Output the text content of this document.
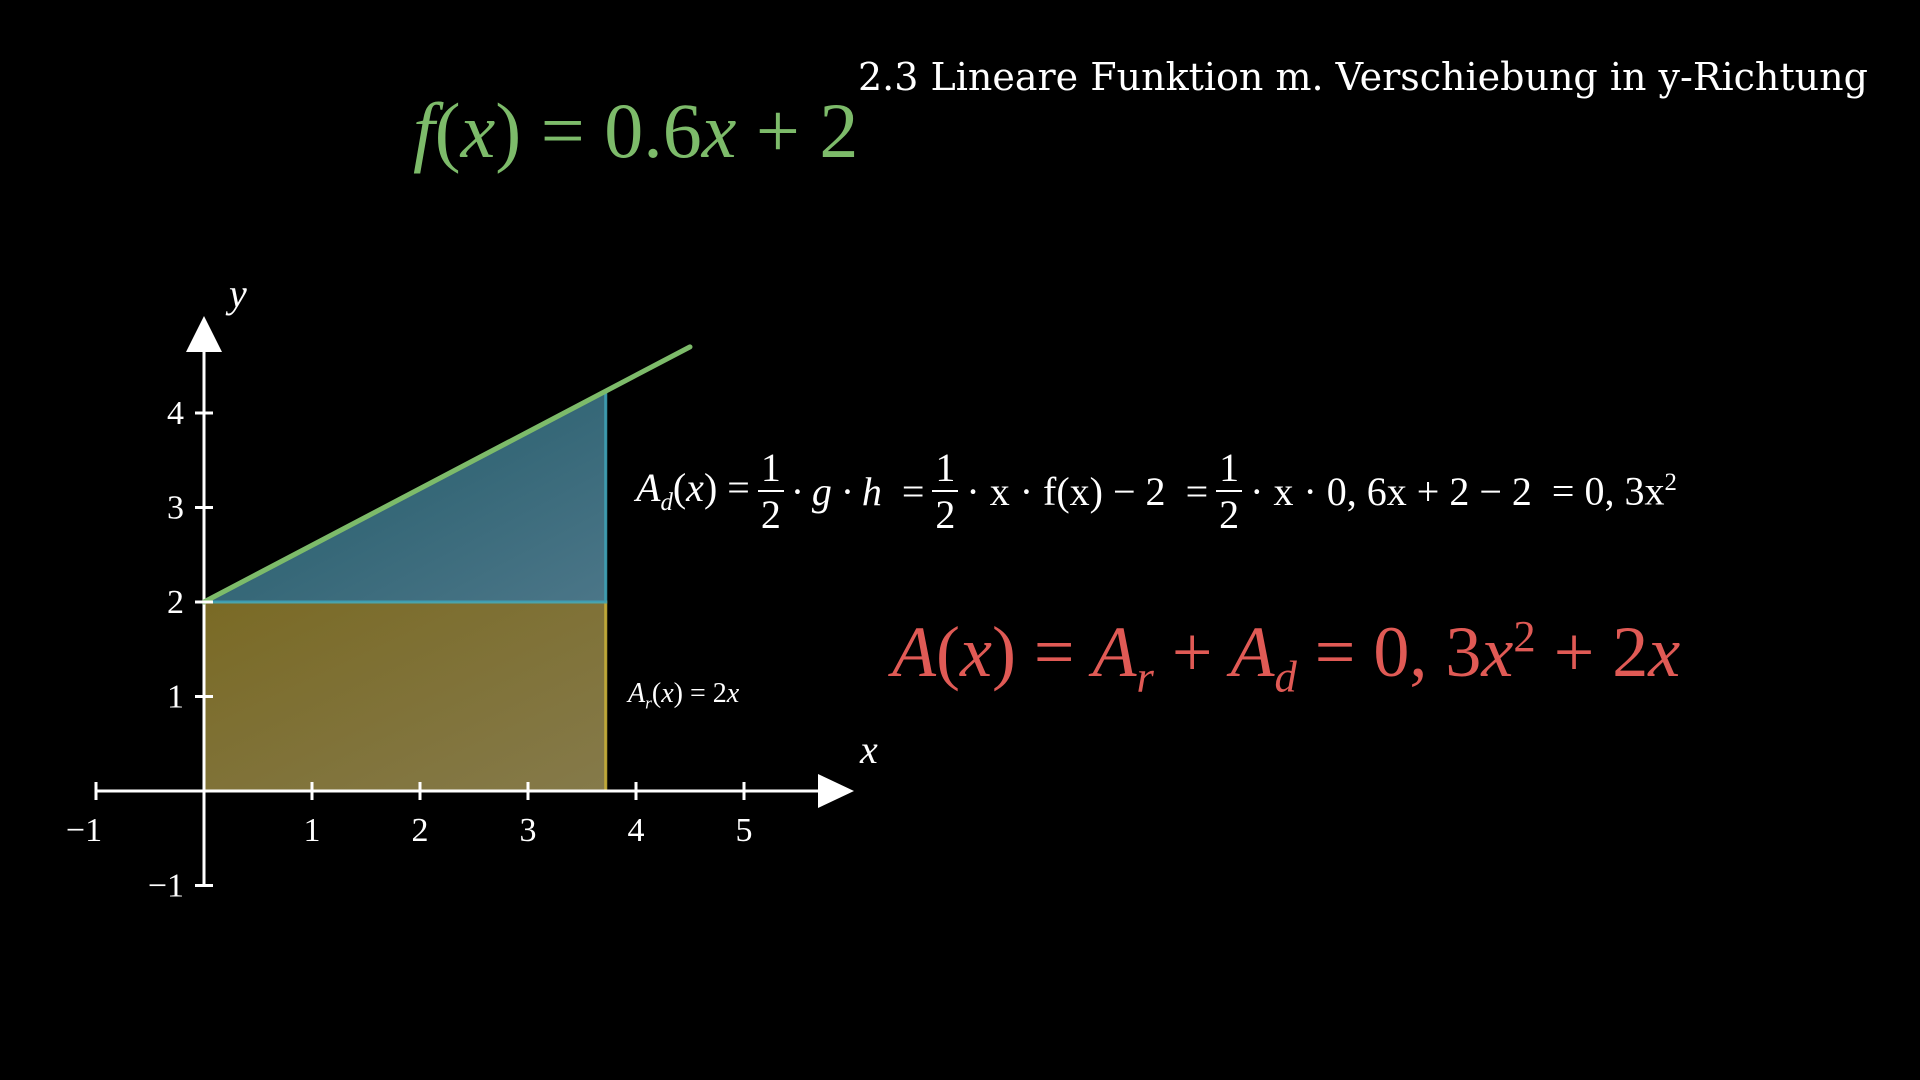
2.3 Lineare Funktion m. Verschiebung in y-Richtung
f(x) = 0.6x + 2
−1	1	2	3	4	5
−1
1
2
3
4
y
x
$A_r(x) = 2x$
$A_d(x) = \frac{1}{2} \cdot g \cdot h = \frac{1}{2} \cdot x \cdot f(x) - 2 = \frac{1}{2} \cdot x \cdot 0$, 6x + 2 − 2 = 0, $3x^2$
$A(x) = A_r + A_d = 0$, $3x^2 + 2x$
